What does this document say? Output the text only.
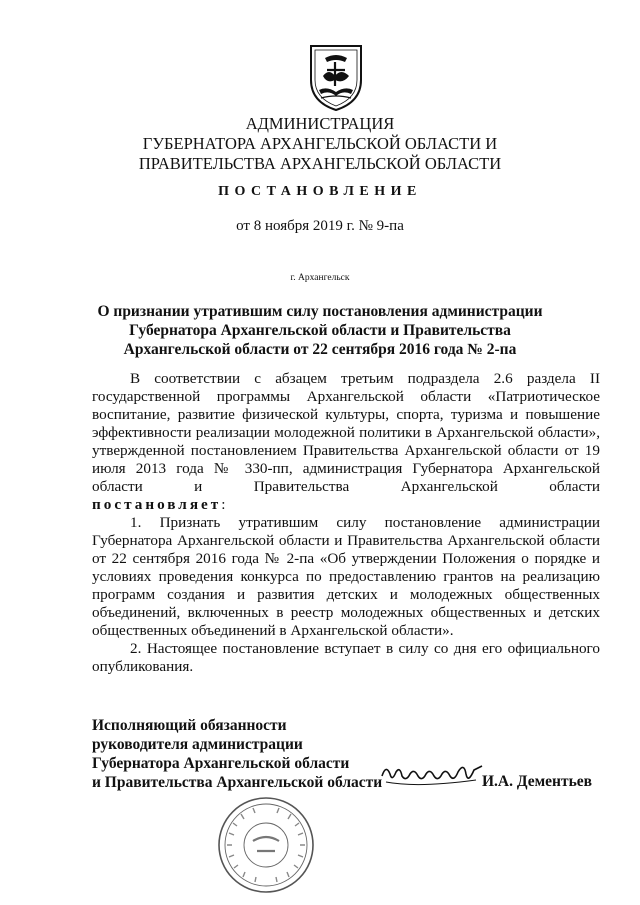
АДМИНИСТРАЦИЯ
ГУБЕРНАТОРА АРХАНГЕЛЬСКОЙ ОБЛАСТИ И
ПРАВИТЕЛЬСТВА АРХАНГЕЛЬСКОЙ ОБЛАСТИ
ПОСТАНОВЛЕНИЕ
от 8 ноября 2019 г. № 9-па
г. Архангельск
О признании утратившим силу постановления администрации
Губернатора Архангельской области и Правительства
Архангельской области от 22 сентября 2016 года № 2-па

В соответствии с абзацем третьим подраздела 2.6 раздела II государственной программы Архангельской области «Патриотическое воспитание, развитие физической культуры, спорта, туризма и повышение эффективности реализации молодежной политики в Архангельской области», утвержденной постановлением Правительства Архангельской области от 19 июля 2013 года № 330-пп, администрация Губернатора Архангельской области и Правительства Архангельской области

постановляет:

1. Признать утратившим силу постановление администрации Губернатора Архангельской области и Правительства Архангельской области от 22 сентября 2016 года № 2-па «Об утверждении Положения о порядке и условиях проведения конкурса по предоставлению грантов на реализацию программ создания и развития детских и молодежных общественных объединений, включенных в реестр молодежных общественных и детских общественных объединений в Архангельской области».

2. Настоящее постановление вступает в силу со дня его официального опубликования.

Исполняющий обязанности
руководителя администрации
Губернатора Архангельской области
и Правительства Архангельской области	И.А. Дементьев
